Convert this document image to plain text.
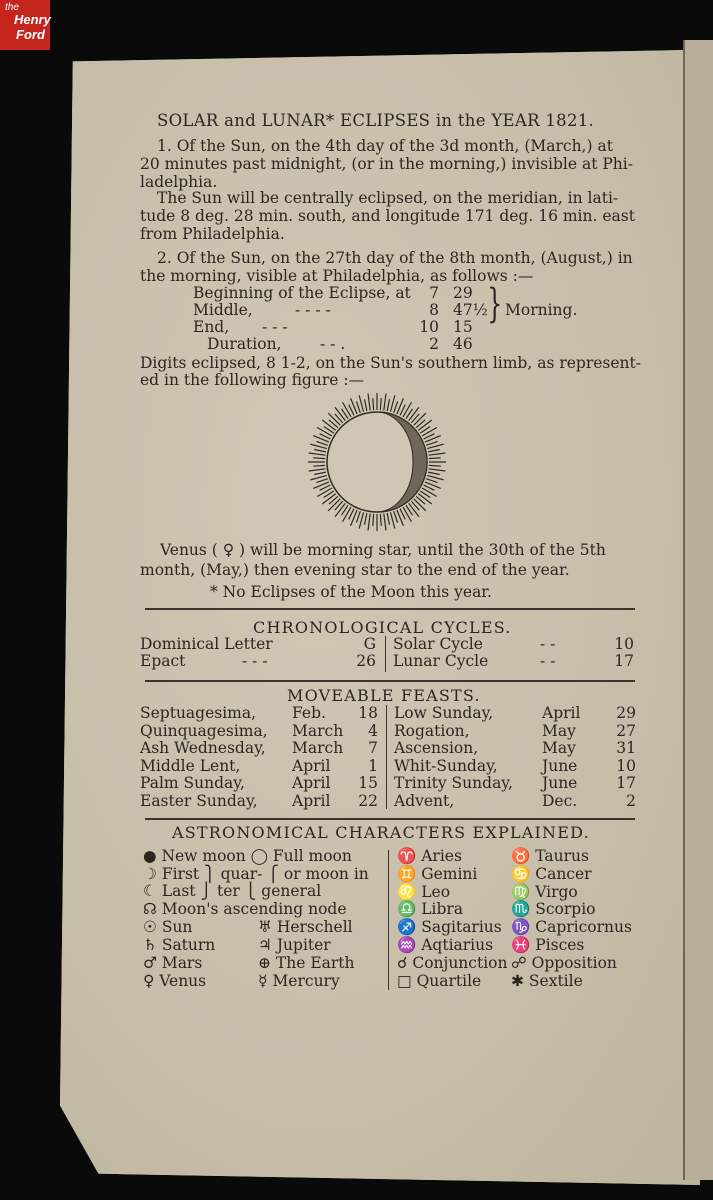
the
Henry
Ford
SOLAR and LUNAR* ECLIPSES in the YEAR 1821.
1. Of the Sun, on the 4th day of the 3d month, (March,) at
20 minutes past midnight, (or in the morning,) invisible at Phi-
ladelphia.
The Sun will be centrally eclipsed, on the meridian, in lati-
tude 8 deg. 28 min. south, and longitude 171 deg. 16 min. east
from Philadelphia.
2. Of the Sun, on the 27th day of the 8th month, (August,) in
the morning, visible at Philadelphia, as follows :—
Beginning of the Eclipse, at	7 29
Middle,	- - - -	8 47½
End, - - -	10 15
Duration, - - .	2 46
} Morning.
Digits eclipsed, 8 1-2, on the Sun's southern limb, as represent-
ed in the following figure :—
Venus ( ♀ ) will be morning star, until the 30th of the 5th
month, (May,) then evening star to the end of the year.
* No Eclipses of the Moon this year.
CHRONOLOGICAL CYCLES.
Dominical Letter	G Solar Cycle	- -	10
Epact	- - -	26 Lunar Cycle	- -	17
MOVEABLE FEASTS.
Septuagesima, Feb.	18 Low Sunday,	April	29
Quinquagesima, March	4 Rogation,	May	27
Ash Wednesday, March	7 Ascension,	May	31
Middle Lent,	April	1 Whit-Sunday,	June	10
Palm Sunday,	April	15 Trinity Sunday, June	17
Easter Sunday, April	22 Advent,	Dec.	2
ASTRONOMICAL CHARACTERS EXPLAINED.
● New moon ◯ Full moon
☽ First ⎫ quar- ⎧ or moon in
☾ Last ⎭ ter ⎩ general
☊ Moon's ascending node
☉ Sun	♅ Herschell
♄ Saturn	♃ Jupiter
♂ Mars	⊕ The Earth
♀ Venus	☿ Mercury
♈ Aries	♉ Taurus
♊ Gemini ♋ Cancer
♌ Leo	♍ Virgo
♎ Libra	♏ Scorpio
♐ Sagitarius ♑ Capricornus
♒ Aqtiarius ♓ Pisces
☌ Conjunction ☍ Opposition
□ Quartile ✱ Sextile
